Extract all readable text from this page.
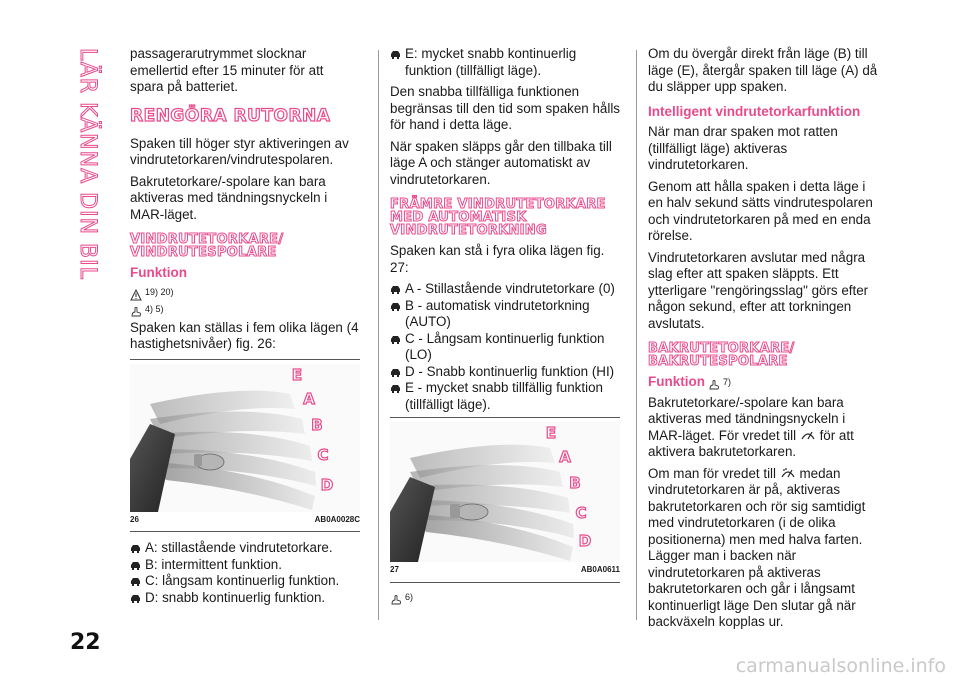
LÄR KÄNNA DIN BIL passagerarutrymmet slocknar emellertid efter 15 minuter för att spara på batteriet.

RENGÖRA RUTORNA

Spaken till höger styr aktiveringen av vindrutetorkaren/vindrutespolaren.

Bakrutetorkare/-spolare kan bara aktiveras med tändningsnyckeln i MAR-läget.

VINDRUTETORKARE/ VINDRUTESPOLARE
Funktion
19) 20)
4) 5)

Spaken kan ställas i fem olika lägen (4 hastighetsnivåer) fig. 26:

E
A
B
C
D
26	AB0A0028C
A: stillastående vindrutetorkare.
B: intermittent funktion.
C: långsam kontinuerlig funktion.
D: snabb kontinuerlig funktion.
E: mycket snabb kontinuerlig funktion (tillfälligt läge).

Den snabba tillfälliga funktionen begränsas till den tid som spaken hålls för hand i detta läge.

När spaken släpps går den tillbaka till läge A och stänger automatiskt av vindrutetorkaren.

FRÄMRE VINDRUTETORKARE MED AUTOMATISK VINDRUTETORKNING

Spaken kan stå i fyra olika lägen fig. 27:

A - Stillastående vindrutetorkare (0)
B - automatisk vindrutetorkning (AUTO)
C - Långsam kontinuerlig funktion (LO)
D - Snabb kontinuerlig funktion (HI)
E - mycket snabb tillfällig funktion (tillfälligt läge).
E
A
B
C
D
27	AB0A0611
6)

Om du övergår direkt från läge (B) till läge (E), återgår spaken till läge (A) då du släpper upp spaken.

Intelligent vindrutetorkarfunktion

När man drar spaken mot ratten (tillfälligt läge) aktiveras vindrutetorkaren.

Genom att hålla spaken i detta läge i en halv sekund sätts vindrutespolaren och vindrutetorkaren på med en enda rörelse.

Vindrutetorkaren avslutar med några slag efter att spaken släppts. Ett ytterligare "rengöringsslag" görs efter någon sekund, efter att torkningen avslutats.

BAKRUTETORKARE/ BAKRUTESPOLARE
Funktion 7)

Bakrutetorkare/-spolare kan bara aktiveras med tändningsnyckeln i MAR-läget. För vredet till för att aktivera bakrutetorkaren.

Om man för vredet till medan vindrutetorkaren är på, aktiveras bakrutetorkaren och rör sig samtidigt med vindrutetorkaren (i de olika positionerna) men med halva farten. Lägger man i backen när vindrutetorkaren på aktiveras bakrutetorkaren och går i långsamt kontinuerligt läge Den slutar gå när backväxeln kopplas ur.

22
carmanualsonline.info
